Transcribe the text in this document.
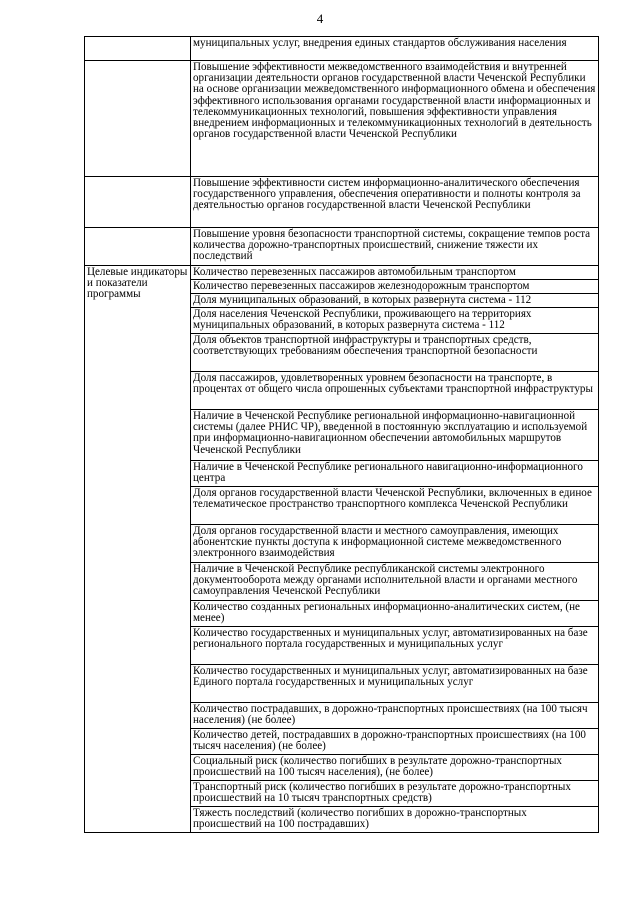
4

	муниципальных услуг, внедрения единых стандартов обслуживания населения

	Повышение эффективности межведомственного взаимодействия и внутренней организации деятельности органов государственной власти Чеченской Республики на основе организации межведомственного информационного обмена и обеспечения эффективного использования органами государственной власти информационных и телекоммуникационных технологий, повышения эффективности управления внедрением информационных и телекоммуникационных технологий в деятельность органов государственной власти Чеченской Республики

	Повышение эффективности систем информационно-аналитического обеспечения государственного управления, обеспечения оперативности и полноты контроля за деятельностью органов государственной власти Чеченской Республики

	Повышение уровня безопасности транспортной системы, сокращение темпов роста количества дорожно-транспортных происшествий, снижение тяжести их последствий

Целевые индикаторы и показатели программы	Количество перевезенных пассажиров автомобильным транспортом

	Количество перевезенных пассажиров железнодорожным транспортом

	Доля муниципальных образований, в которых развернута система - 112

	Доля населения Чеченской Республики, проживающего на территориях муниципальных образований, в которых развернута система - 112

	Доля объектов транспортной инфраструктуры и транспортных средств, соответствующих требованиям обеспечения транспортной безопасности

	Доля пассажиров, удовлетворенных уровнем безопасности на транспорте, в процентах от общего числа опрошенных субъектами транспортной инфраструктуры

	Наличие в Чеченской Республике региональной информационно-навигационной системы (далее РНИС ЧР), введенной в постоянную эксплуатацию и используемой при информационно-навигационном обеспечении автомобильных маршрутов Чеченской Республики

	Наличие в Чеченской Республике регионального навигационно-информационного центра

	Доля органов государственной власти Чеченской Республики, включенных в единое телематическое пространство транспортного комплекса Чеченской Республики

	Доля органов государственной власти и местного самоуправления, имеющих абонентские пункты доступа к информационной системе межведомственного электронного взаимодействия

	Наличие в Чеченской Республике республиканской системы электронного документооборота между органами исполнительной власти и органами местного самоуправления Чеченской Республики

	Количество созданных региональных информационно-аналитических систем, (не менее)

	Количество государственных и муниципальных услуг, автоматизированных на базе регионального портала государственных и муниципальных услуг

	Количество государственных и муниципальных услуг, автоматизированных на базе Единого портала государственных и муниципальных услуг

	Количество пострадавших, в дорожно-транспортных происшествиях (на 100 тысяч населения) (не более)

	Количество детей, пострадавших в дорожно-транспортных происшествиях (на 100 тысяч населения) (не более)

	Социальный риск (количество погибших в результате дорожно-транспортных происшествий на 100 тысяч населения), (не более)

	Транспортный риск (количество погибших в результате дорожно-транспортных происшествий на 10 тысяч транспортных средств)

	Тяжесть последствий (количество погибших в дорожно-транспортных происшествий на 100 пострадавших)
